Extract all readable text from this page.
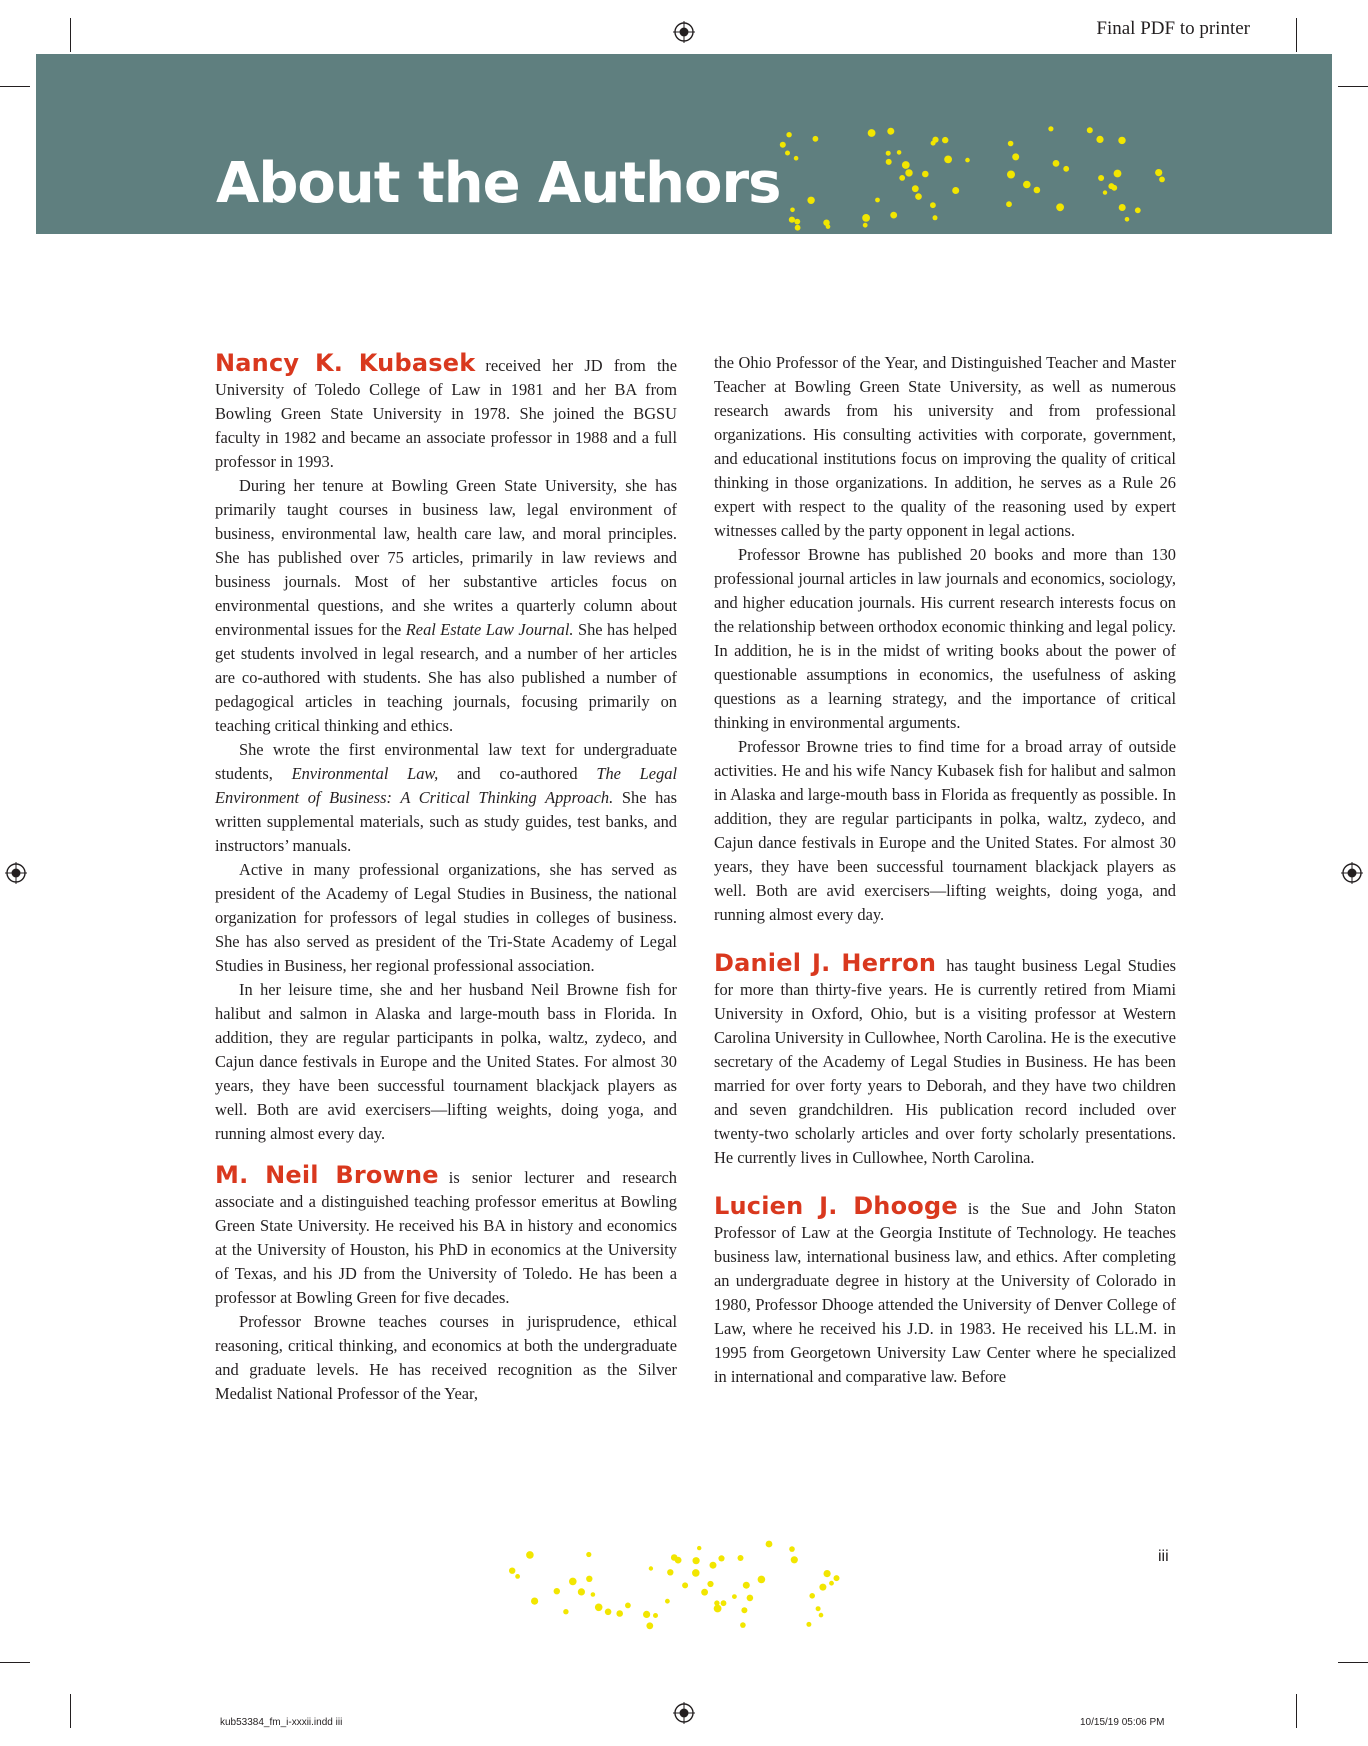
Final PDF to printer
About the Authors

Nancy K. Kubasek received her JD from the University of Toledo College of Law in 1981 and her BA from Bowling Green State University in 1978. She joined the BGSU faculty in 1982 and became an associate professor in 1988 and a full professor in 1993.

During her tenure at Bowling Green State University, she has primarily taught courses in business law, legal environment of business, environmental law, health care law, and moral principles. She has published over 75 articles, primarily in law reviews and business journals. Most of her substantive articles focus on environmental questions, and she writes a quarterly column about environmental issues for the Real Estate Law Journal. She has helped get students involved in legal research, and a number of her articles are co-authored with students. She has also published a number of pedagogical articles in teaching journals, focusing primarily on teaching critical thinking and ethics.

She wrote the first environmental law text for undergraduate students, Environmental Law, and co-authored The Legal Environment of Business: A Critical Thinking Approach. She has written supplemental materials, such as study guides, test banks, and instructors’ manuals.

Active in many professional organizations, she has served as president of the Academy of Legal Studies in Business, the national organization for professors of legal studies in colleges of business. She has also served as president of the Tri-State Academy of Legal Studies in Business, her regional professional association.

In her leisure time, she and her husband Neil Browne fish for halibut and salmon in Alaska and large-mouth bass in Florida. In addition, they are regular participants in polka, waltz, zydeco, and Cajun dance festivals in Europe and the United States. For almost 30 years, they have been successful tournament blackjack players as well. Both are avid exercisers—lifting weights, doing yoga, and running almost every day.

M. Neil Browne is senior lecturer and research associate and a distinguished teaching professor emeritus at Bowling Green State University. He received his BA in history and economics at the University of Houston, his PhD in economics at the University of Texas, and his JD from the University of Toledo. He has been a professor at Bowling Green for five decades.

Professor Browne teaches courses in jurisprudence, ethical reasoning, critical thinking, and economics at both the undergraduate and graduate levels. He has received recognition as the Silver Medalist National Professor of the Year,

the Ohio Professor of the Year, and Distinguished Teacher and Master Teacher at Bowling Green State University, as well as numerous research awards from his university and from professional organizations. His consulting activities with corporate, government, and educational institutions focus on improving the quality of critical thinking in those organizations. In addition, he serves as a Rule 26 expert with respect to the quality of the reasoning used by expert witnesses called by the party opponent in legal actions.

Professor Browne has published 20 books and more than 130 professional journal articles in law journals and economics, sociology, and higher education journals. His current research interests focus on the relationship between orthodox economic thinking and legal policy. In addition, he is in the midst of writing books about the power of questionable assumptions in economics, the usefulness of asking questions as a learning strategy, and the importance of critical thinking in environmental arguments.

Professor Browne tries to find time for a broad array of outside activities. He and his wife Nancy Kubasek fish for halibut and salmon in Alaska and large-mouth bass in Florida as frequently as possible. In addition, they are regular participants in polka, waltz, zydeco, and Cajun dance festivals in Europe and the United States. For almost 30 years, they have been successful tournament blackjack players as well. Both are avid exercisers—lifting weights, doing yoga, and running almost every day.

Daniel J. Herron has taught business Legal Studies for more than thirty-five years. He is currently retired from Miami University in Oxford, Ohio, but is a visiting professor at Western Carolina University in Cullowhee, North Carolina. He is the executive secretary of the Academy of Legal Studies in Business. He has been married for over forty years to Deborah, and they have two children and seven grandchildren. His publication record included over twenty-two scholarly articles and over forty scholarly presentations. He currently lives in Cullowhee, North Carolina.

Lucien J. Dhooge is the Sue and John Staton Professor of Law at the Georgia Institute of Technology. He teaches business law, international business law, and ethics. After completing an undergraduate degree in history at the University of Colorado in 1980, Professor Dhooge attended the University of Denver College of Law, where he received his J.D. in 1983. He received his LL.M. in 1995 from Georgetown University Law Center where he specialized in international and comparative law. Before

iii
kub53384_fm_i-xxxii.indd iii	10/15/19 05:06 PM
